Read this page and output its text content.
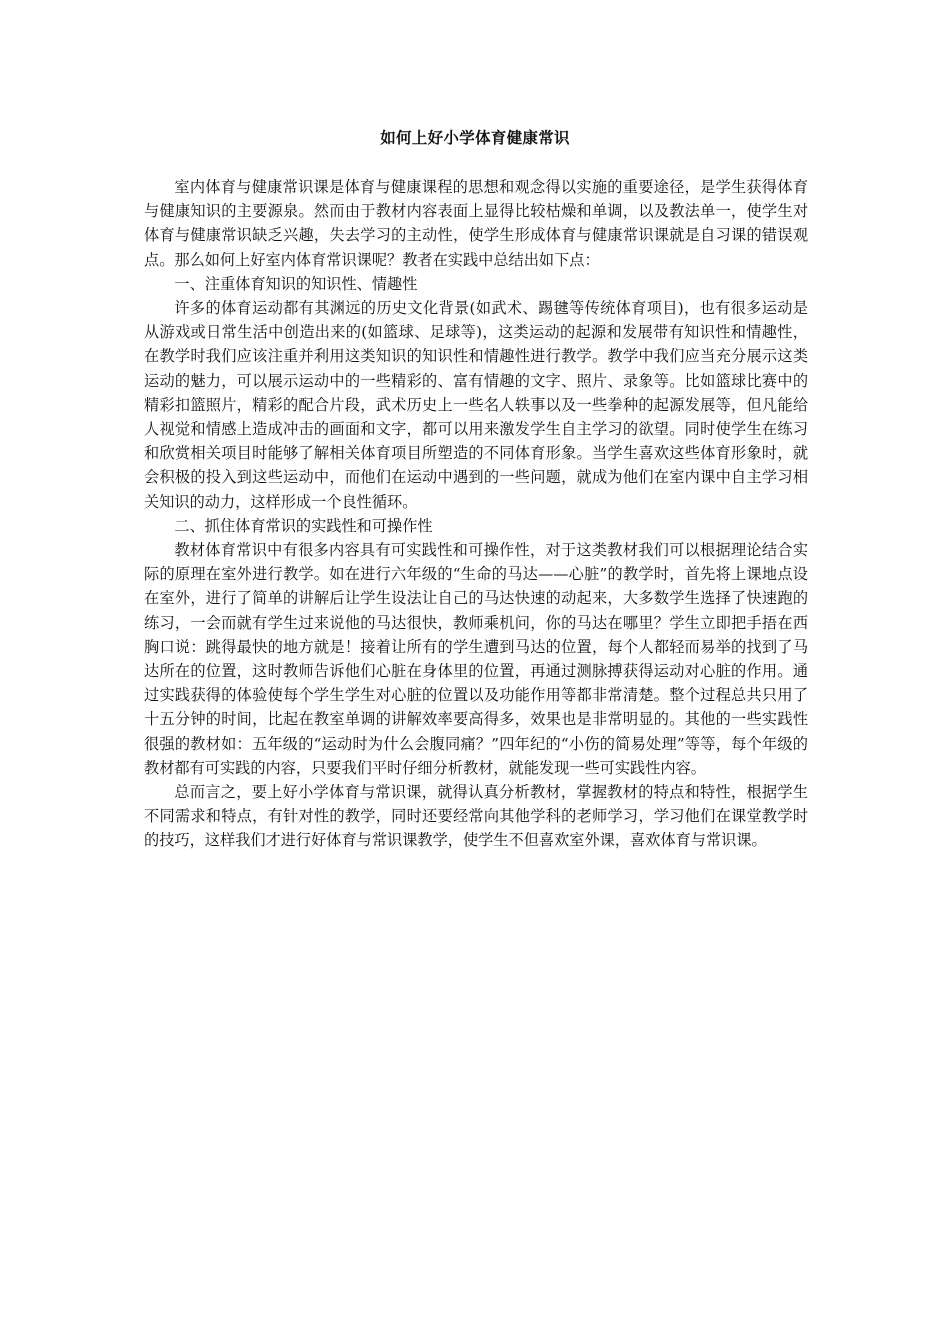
如何上好小学体育健康常识

室内体育与健康常识课是体育与健康课程的思想和观念得以实施的重要途径，是学生获得体育与健康知识的主要源泉。然而由于教材内容表面上显得比较枯燥和单调，以及教法单一，使学生对体育与健康常识缺乏兴趣，失去学习的主动性，使学生形成体育与健康常识课就是自习课的错误观点。那么如何上好室内体育常识课呢？教者在实践中总结出如下点：

一、注重体育知识的知识性、情趣性

许多的体育运动都有其渊远的历史文化背景(如武术、踢毽等传统体育项目)，也有很多运动是从游戏或日常生活中创造出来的(如篮球、足球等)，这类运动的起源和发展带有知识性和情趣性，在教学时我们应该注重并利用这类知识的知识性和情趣性进行教学。教学中我们应当充分展示这类运动的魅力，可以展示运动中的一些精彩的、富有情趣的文字、照片、录象等。比如篮球比赛中的精彩扣篮照片，精彩的配合片段，武术历史上一些名人轶事以及一些拳种的起源发展等，但凡能给人视觉和情感上造成冲击的画面和文字，都可以用来激发学生自主学习的欲望。同时使学生在练习和欣赏相关项目时能够了解相关体育项目所塑造的不同体育形象。当学生喜欢这些体育形象时，就会积极的投入到这些运动中，而他们在运动中遇到的一些问题，就成为他们在室内课中自主学习相关知识的动力，这样形成一个良性循环。

二、抓住体育常识的实践性和可操作性

教材体育常识中有很多内容具有可实践性和可操作性，对于这类教材我们可以根据理论结合实际的原理在室外进行教学。如在进行六年级的“生命的马达——心脏”的教学时，首先将上课地点设在室外，进行了简单的讲解后让学生设法让自己的马达快速的动起来，大多数学生选择了快速跑的练习，一会而就有学生过来说他的马达很快，教师乘机问，你的马达在哪里？学生立即把手捂在西胸口说：跳得最快的地方就是！接着让所有的学生遭到马达的位置，每个人都轻而易举的找到了马达所在的位置，这时教师告诉他们心脏在身体里的位置，再通过测脉搏获得运动对心脏的作用。通过实践获得的体验使每个学生学生对心脏的位置以及功能作用等都非常清楚。整个过程总共只用了十五分钟的时间，比起在教室单调的讲解效率要高得多，效果也是非常明显的。其他的一些实践性很强的教材如：五年级的“运动时为什么会腹同痛？”四年纪的“小伤的简易处理”等等，每个年级的教材都有可实践的内容，只要我们平时仔细分析教材，就能发现一些可实践性内容。

总而言之，要上好小学体育与常识课，就得认真分析教材，掌握教材的特点和特性，根据学生不同需求和特点，有针对性的教学，同时还要经常向其他学科的老师学习，学习他们在课堂教学时的技巧，这样我们才进行好体育与常识课教学，使学生不但喜欢室外课，喜欢体育与常识课。
